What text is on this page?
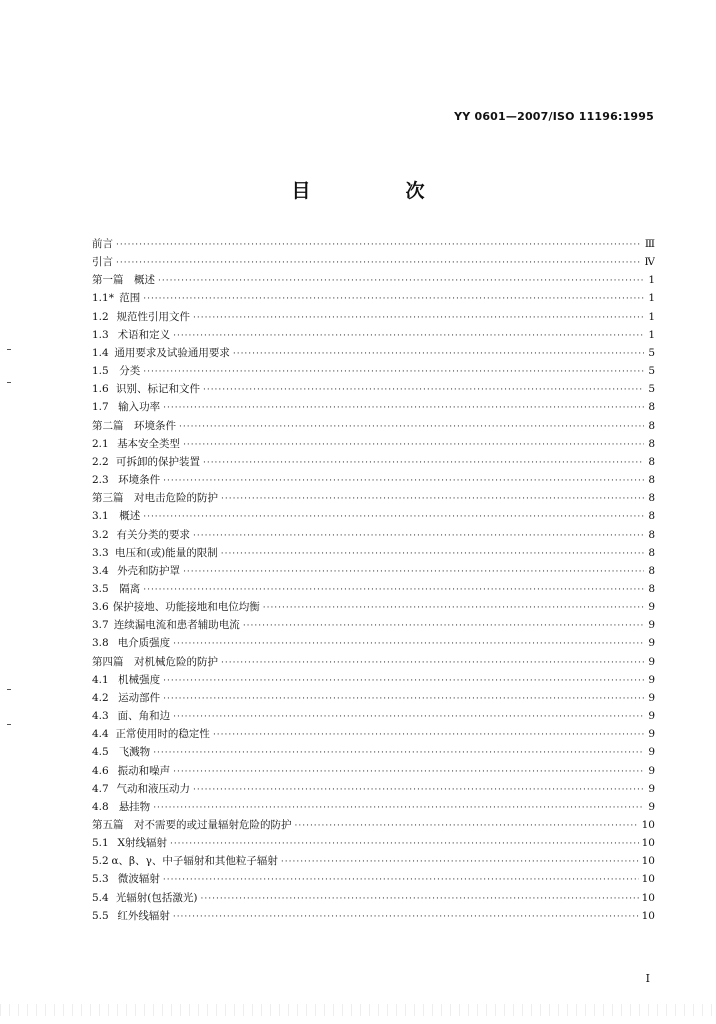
YY 0601—2007/ISO 11196:1995
目　次
前言 ·····	Ⅲ
引言 ·····	Ⅳ
第一篇　概述 ·····	1
1.1* 范围 ·····	1
1.2 规范性引用文件 ·····	1
1.3 术语和定义 ·····	1
1.4 通用要求及试验通用要求 ·····	5
1.5	分类 ·····	5
1.6 识别、标记和文件 ·····	5
1.7 输入功率 ·····	8
第二篇　环境条件 ·····	8
2.1 基本安全类型 ·····	8
2.2 可拆卸的保护装置 ·····	8
2.3 环境条件 ·····	8
第三篇　对电击危险的防护 ·····	8
3.1	概述 ·····	8
3.2 有关分类的要求 ·····	8
3.3 电压和(或)能量的限制 ·····	8
3.4 外壳和防护罩 ·····	8
3.5	隔离 ·····	8
3.6 保护接地、功能接地和电位均衡 ·····	9
3.7 连续漏电流和患者辅助电流 ·····	9
3.8 电介质强度 ·····	9
第四篇　对机械危险的防护 ·····	9
4.1 机械强度 ·····	9
4.2 运动部件 ·····	9
4.3 面、角和边 ·····	9
4.4 正常使用时的稳定性 ·····	9
4.5 飞溅物 ·····	9
4.6 振动和噪声 ·····	9
4.7 气动和液压动力 ·····	9
4.8 悬挂物 ·····	9
第五篇　对不需要的或过量辐射危险的防护 ·····	10
5.1 X射线辐射 ·····	10
5.2 α、β、γ、中子辐射和其他粒子辐射 ·····	10
5.3 微波辐射 ·····	10
5.4 光辐射(包括激光) ·····	10
5.5 红外线辐射 ·····	10
I
